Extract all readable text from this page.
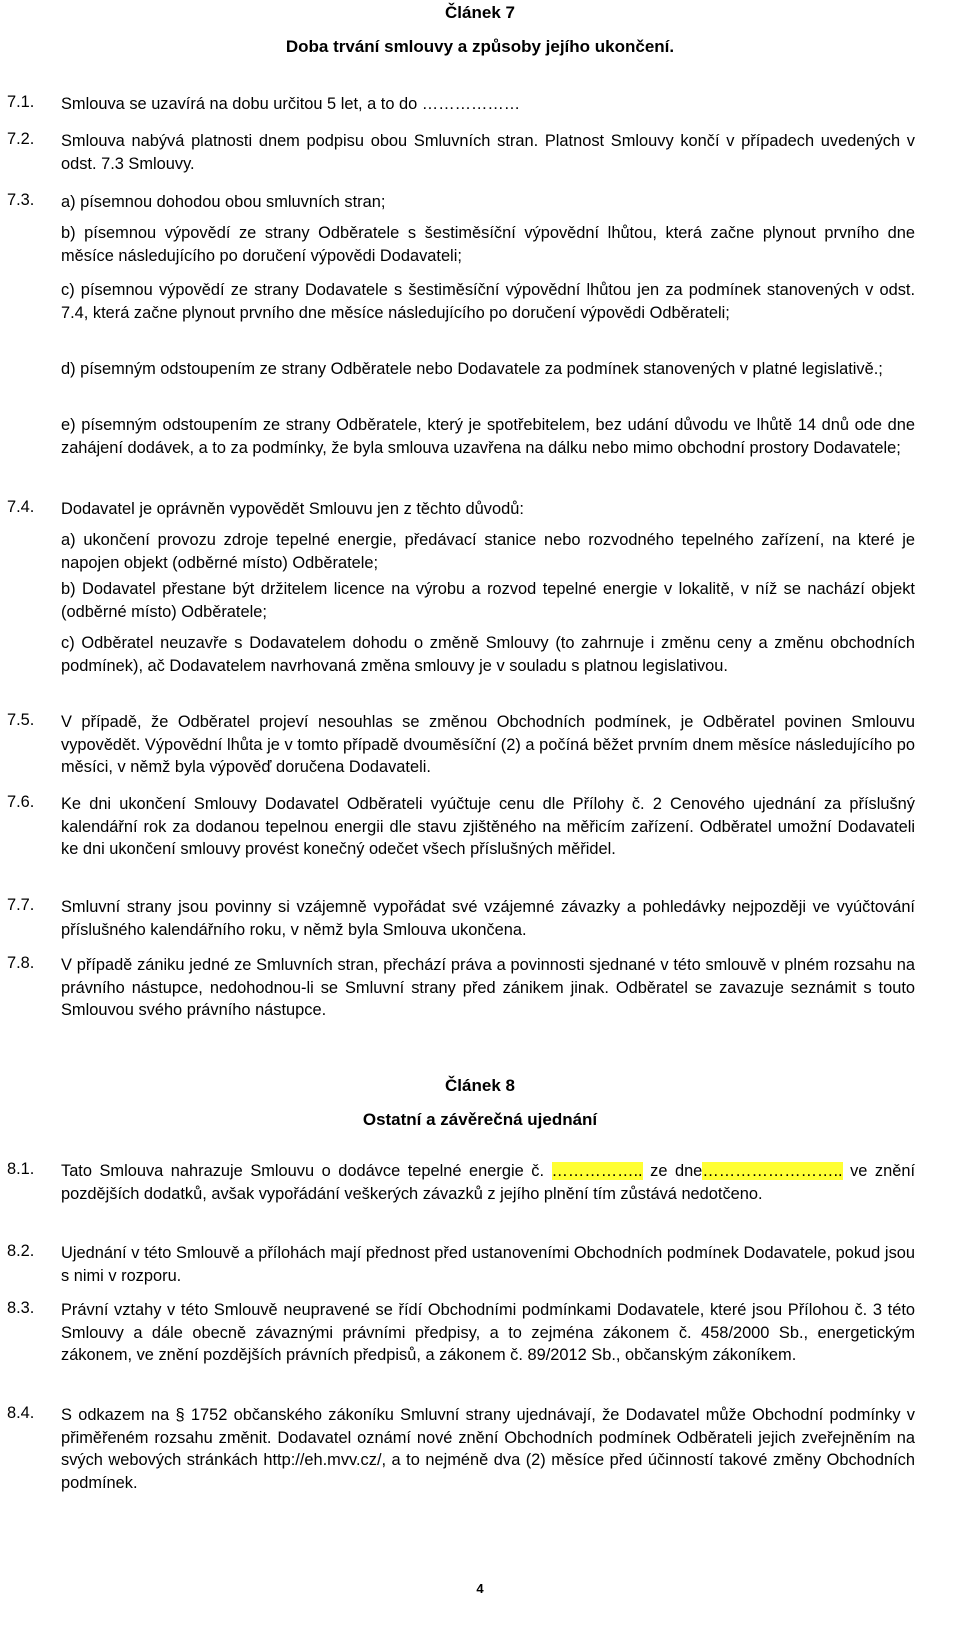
Článek 7
Doba trvání smlouvy a způsoby jejího ukončení.
7.1. Smlouva se uzavírá na dobu určitou 5 let, a to do ………………
7.2. Smlouva nabývá platnosti dnem podpisu obou Smluvních stran. Platnost Smlouvy končí v případech uvedených v odst. 7.3 Smlouvy.
7.3. a) písemnou dohodou obou smluvních stran;
b) písemnou výpovědí ze strany Odběratele s šestiměsíční výpovědní lhůtou, která začne plynout prvního dne měsíce následujícího po doručení výpovědi Dodavateli;
c) písemnou výpovědí ze strany Dodavatele s šestiměsíční výpovědní lhůtou jen za podmínek stanovených v odst. 7.4, která začne plynout prvního dne měsíce následujícího po doručení výpovědi Odběrateli;
d) písemným odstoupením ze strany Odběratele nebo Dodavatele za podmínek stanovených v platné legislativě.;
e) písemným odstoupením ze strany Odběratele, který je spotřebitelem, bez udání důvodu ve lhůtě 14 dnů ode dne zahájení dodávek, a to za podmínky, že byla smlouva uzavřena na dálku nebo mimo obchodní prostory Dodavatele;
7.4. Dodavatel je oprávněn vypovědět Smlouvu jen z těchto důvodů:
a) ukončení provozu zdroje tepelné energie, předávací stanice nebo rozvodného tepelného zařízení, na které je napojen objekt (odběrné místo) Odběratele;
b) Dodavatel přestane být držitelem licence na výrobu a rozvod tepelné energie v lokalitě, v níž se nachází objekt (odběrné místo) Odběratele;
c) Odběratel neuzavře s Dodavatelem dohodu o změně Smlouvy (to zahrnuje i změnu ceny a změnu obchodních podmínek), ač Dodavatelem navrhovaná změna smlouvy je v souladu s platnou legislativou.
7.5. V případě, že Odběratel projeví nesouhlas se změnou Obchodních podmínek, je Odběratel povinen Smlouvu vypovědět. Výpovědní lhůta je v tomto případě dvouměsíční (2) a počíná běžet prvním dnem měsíce následujícího po měsíci, v němž byla výpověď doručena Dodavateli.
7.6. Ke dni ukončení Smlouvy Dodavatel Odběrateli vyúčtuje cenu dle Přílohy č. 2 Cenového ujednání za příslušný kalendářní rok za dodanou tepelnou energii dle stavu zjištěného na měřicím zařízení. Odběratel umožní Dodavateli ke dni ukončení smlouvy provést konečný odečet všech příslušných měřidel.
7.7. Smluvní strany jsou povinny si vzájemně vypořádat své vzájemné závazky a pohledávky nejpozději ve vyúčtování příslušného kalendářního roku, v němž byla Smlouva ukončena.
7.8. V případě zániku jedné ze Smluvních stran, přechází práva a povinnosti sjednané v této smlouvě v plném rozsahu na právního nástupce, nedohodnou-li se Smluvní strany před zánikem jinak. Odběratel se zavazuje seznámit s touto Smlouvou svého právního nástupce.
Článek 8
Ostatní a závěrečná ujednání
8.1. Tato Smlouva nahrazuje Smlouvu o dodávce tepelné energie č. …………….. ze dne…………………….. ve znění pozdějších dodatků, avšak vypořádání veškerých závazků z jejího plnění tím zůstává nedotčeno.
8.2. Ujednání v této Smlouvě a přílohách mají přednost před ustanoveními Obchodních podmínek Dodavatele, pokud jsou s nimi v rozporu.
8.3. Právní vztahy v této Smlouvě neupravené se řídí Obchodními podmínkami Dodavatele, které jsou Přílohou č. 3 této Smlouvy a dále obecně závaznými právními předpisy, a to zejména zákonem č. 458/2000 Sb., energetickým zákonem, ve znění pozdějších právních předpisů, a zákonem č. 89/2012 Sb., občanským zákoníkem.
8.4. S odkazem na § 1752 občanského zákoníku Smluvní strany ujednávají, že Dodavatel může Obchodní podmínky v přiměřeném rozsahu změnit. Dodavatel oznámí nové znění Obchodních podmínek Odběrateli jejich zveřejněním na svých webových stránkách http://eh.mvv.cz/, a to nejméně dva (2) měsíce před účinností takové změny Obchodních podmínek.
4
